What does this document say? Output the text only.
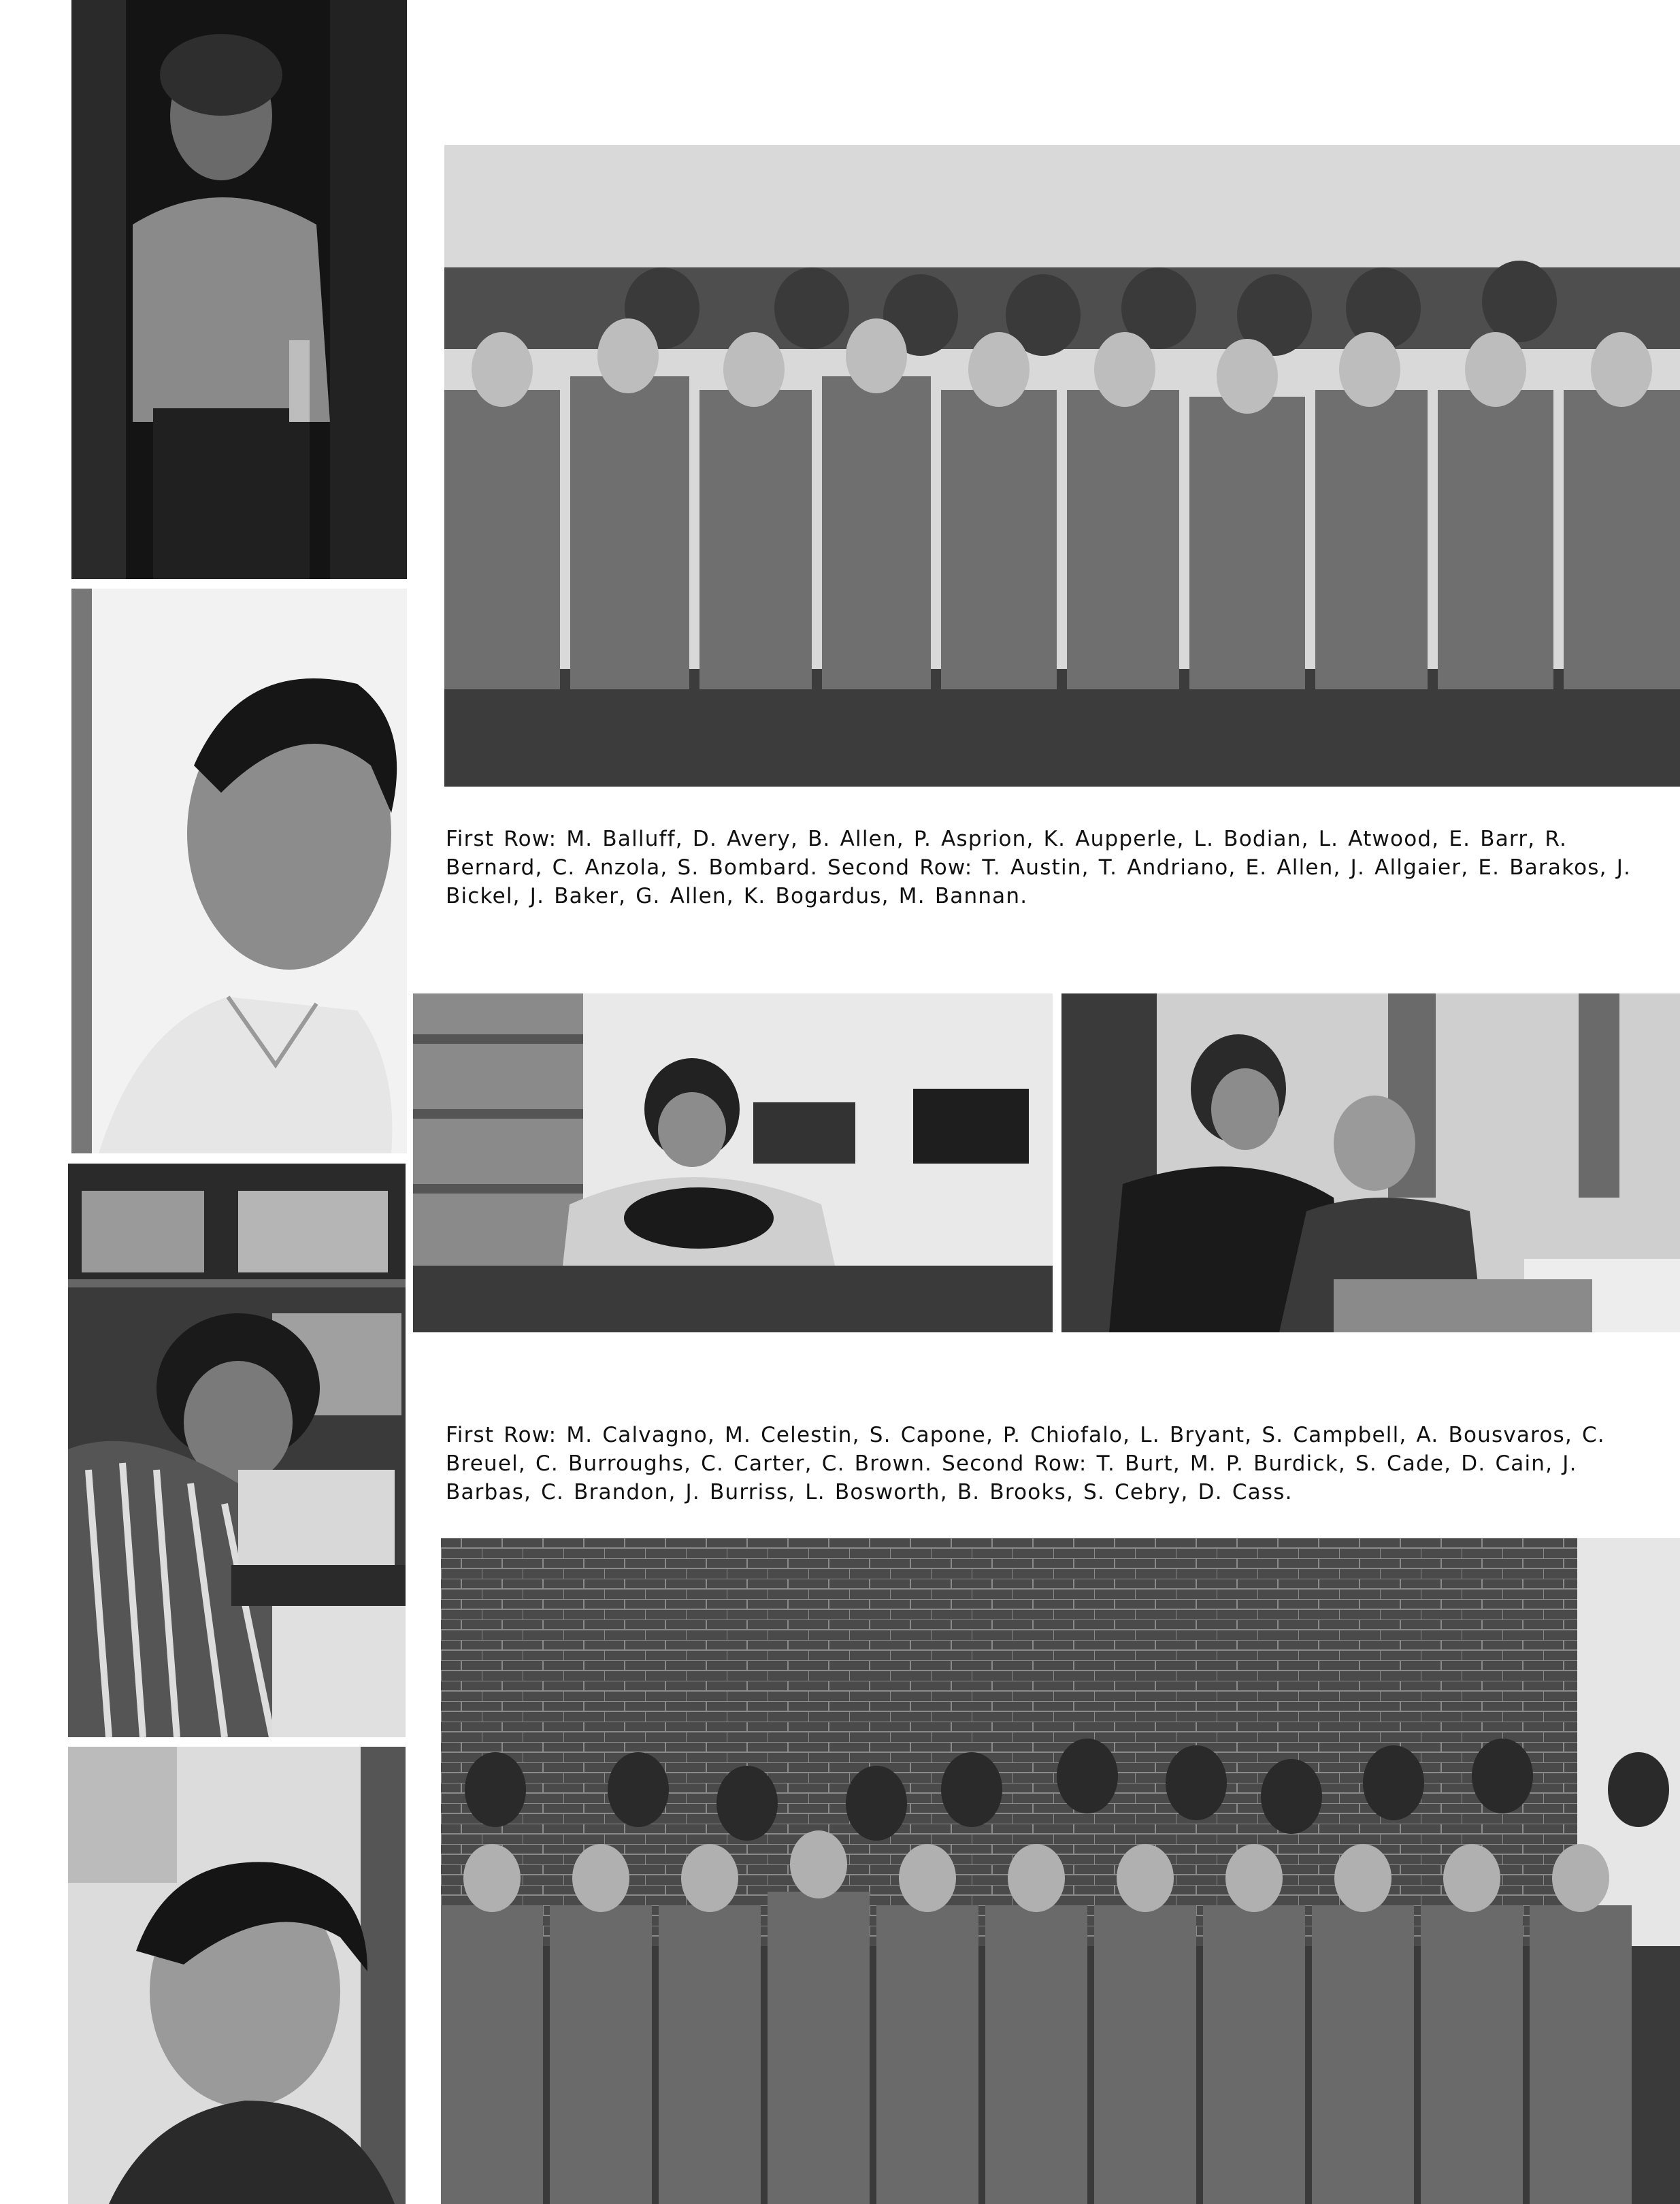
First Row: M. Balluff, D. Avery, B. Allen, P. Asprion, K. Aupperle, L. Bodian, L. Atwood, E. Barr, R. Bernard, C. Anzola, S. Bombard. Second Row: T. Austin, T. Andriano, E. Allen, J. Allgaier, E. Barakos, J. Bickel, J. Baker, G. Allen, K. Bogardus, M. Bannan.
First Row: M. Calvagno, M. Celestin, S. Capone, P. Chiofalo, L. Bryant, S. Campbell, A. Bousvaros, C. Breuel, C. Burroughs, C. Carter, C. Brown. Second Row: T. Burt, M. P. Burdick, S. Cade, D. Cain, J. Barbas, C. Brandon, J. Burriss, L. Bosworth, B. Brooks, S. Cebry, D. Cass.
